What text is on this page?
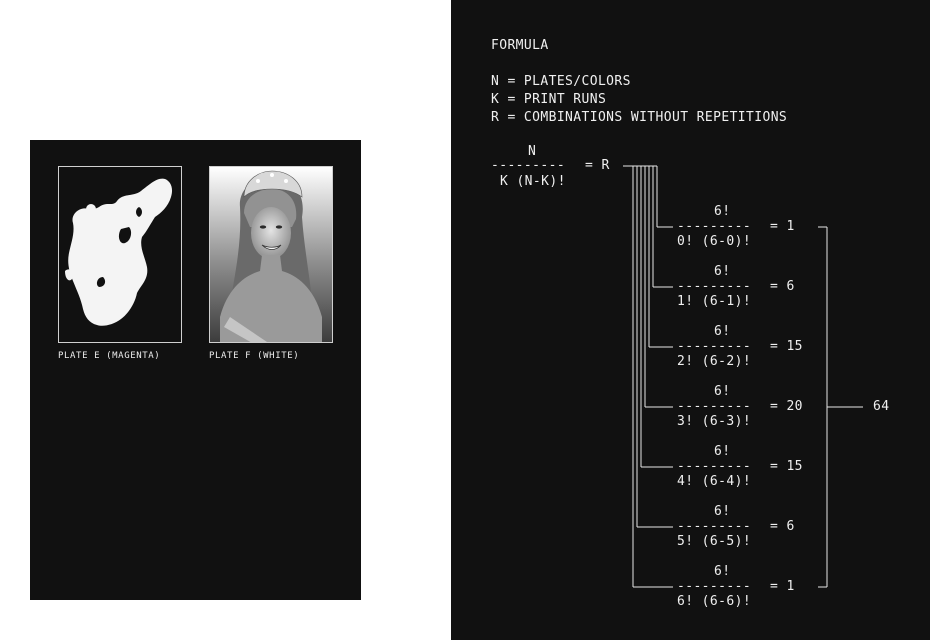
PLATE E (MAGENTA)	PLATE F (WHITE)
FORMULA
N = PLATES/COLORS
K = PRINT RUNS
R = COMBINATIONS WITHOUT REPETITIONS
N
--------- = R
K (N-K)!
6!
--------- = 1
0! (6-0)!
6!
--------- = 6
1! (6-1)!
6!
--------- = 15
2! (6-2)!
6!
--------- = 20
3! (6-3)!
6!
--------- = 15
4! (6-4)!
6!
--------- = 6
5! (6-5)!
6!
--------- = 1
6! (6-6)!
64
